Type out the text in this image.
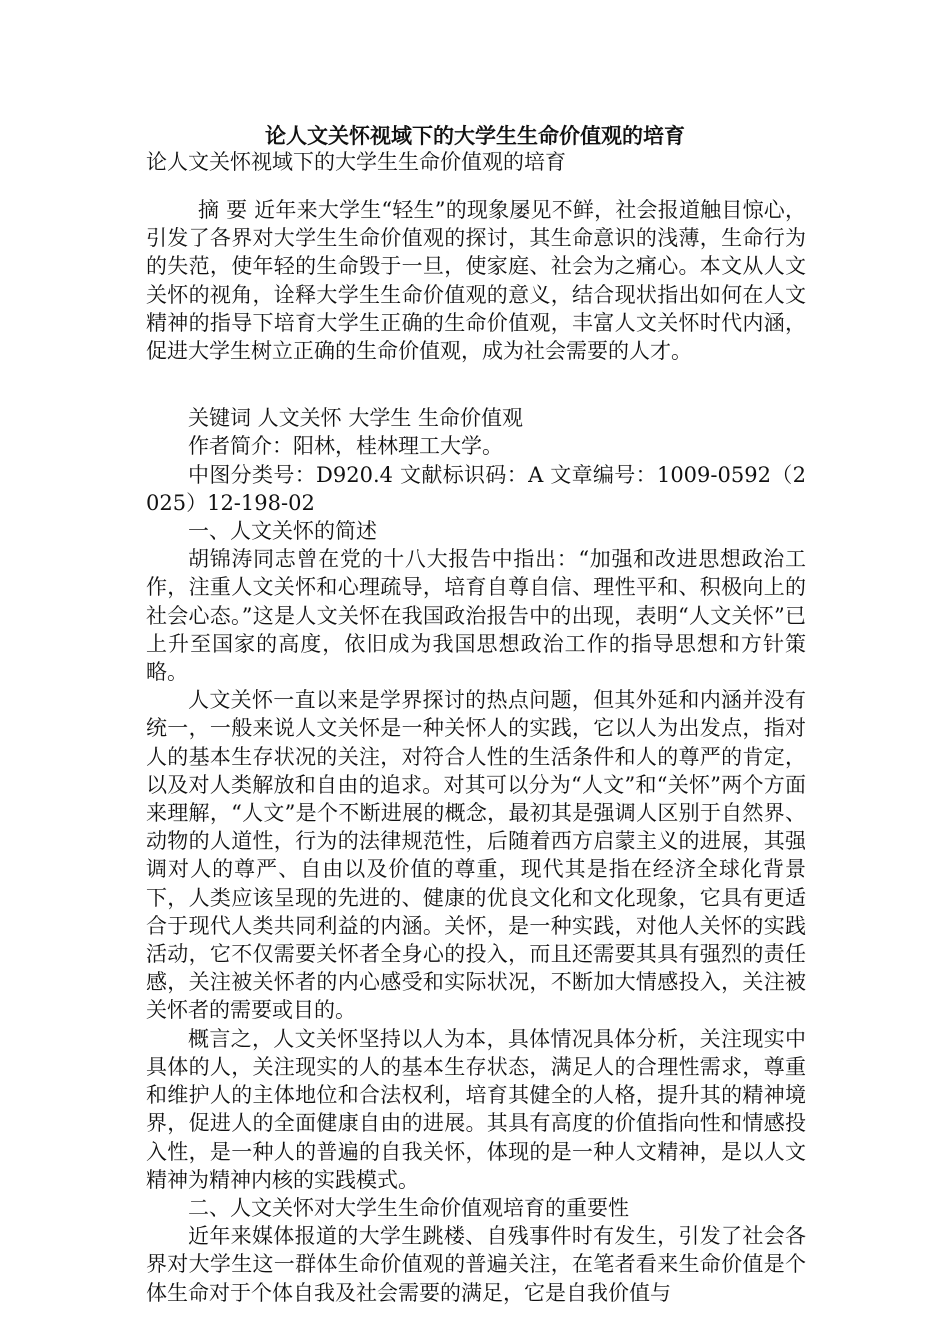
论人文关怀视域下的大学生生命价值观的培育
论人文关怀视域下的大学生生命价值观的培育

摘 要 近年来大学生“轻生”的现象屡见不鲜，社会报道触目惊心，引发了各界对大学生生命价值观的探讨，其生命意识的浅薄，生命行为的失范，使年轻的生命毁于一旦，使家庭、社会为之痛心。本文从人文关怀的视角，诠释大学生生命价值观的意义，结合现状指出如何在人文精神的指导下培育大学生正确的生命价值观，丰富人文关怀时代内涵，促进大学生树立正确的生命价值观，成为社会需要的人才。

关键词 人文关怀 大学生 生命价值观

作者简介：阳林，桂林理工大学。

中图分类号：D920.4 文献标识码：A 文章编号：1009-0592（2025）12-198-02

一、人文关怀的简述

胡锦涛同志曾在党的十八大报告中指出：“加强和改进思想政治工作，注重人文关怀和心理疏导，培育自尊自信、理性平和、积极向上的社会心态。”这是人文关怀在我国政治报告中的出现，表明“人文关怀”已上升至国家的高度，依旧成为我国思想政治工作的指导思想和方针策略。

人文关怀一直以来是学界探讨的热点问题，但其外延和内涵并没有统一，一般来说人文关怀是一种关怀人的实践，它以人为出发点，指对人的基本生存状况的关注，对符合人性的生活条件和人的尊严的肯定，以及对人类解放和自由的追求。对其可以分为“人文”和“关怀”两个方面来理解，“人文”是个不断进展的概念，最初其是强调人区别于自然界、动物的人道性，行为的法律规范性，后随着西方启蒙主义的进展，其强调对人的尊严、自由以及价值的尊重，现代其是指在经济全球化背景下，人类应该呈现的先进的、健康的优良文化和文化现象，它具有更适合于现代人类共同利益的内涵。关怀，是一种实践，对他人关怀的实践活动，它不仅需要关怀者全身心的投入，而且还需要其具有强烈的责任感，关注被关怀者的内心感受和实际状况，不断加大情感投入，关注被关怀者的需要或目的。

概言之，人文关怀坚持以人为本，具体情况具体分析，关注现实中具体的人，关注现实的人的基本生存状态，满足人的合理性需求，尊重和维护人的主体地位和合法权利，培育其健全的人格，提升其的精神境界，促进人的全面健康自由的进展。其具有高度的价值指向性和情感投入性，是一种人的普遍的自我关怀，体现的是一种人文精神，是以人文精神为精神内核的实践模式。

二、人文关怀对大学生生命价值观培育的重要性

近年来媒体报道的大学生跳楼、自残事件时有发生，引发了社会各界对大学生这一群体生命价值观的普遍关注，在笔者看来生命价值是个体生命对于个体自我及社会需要的满足，它是自我价值与
